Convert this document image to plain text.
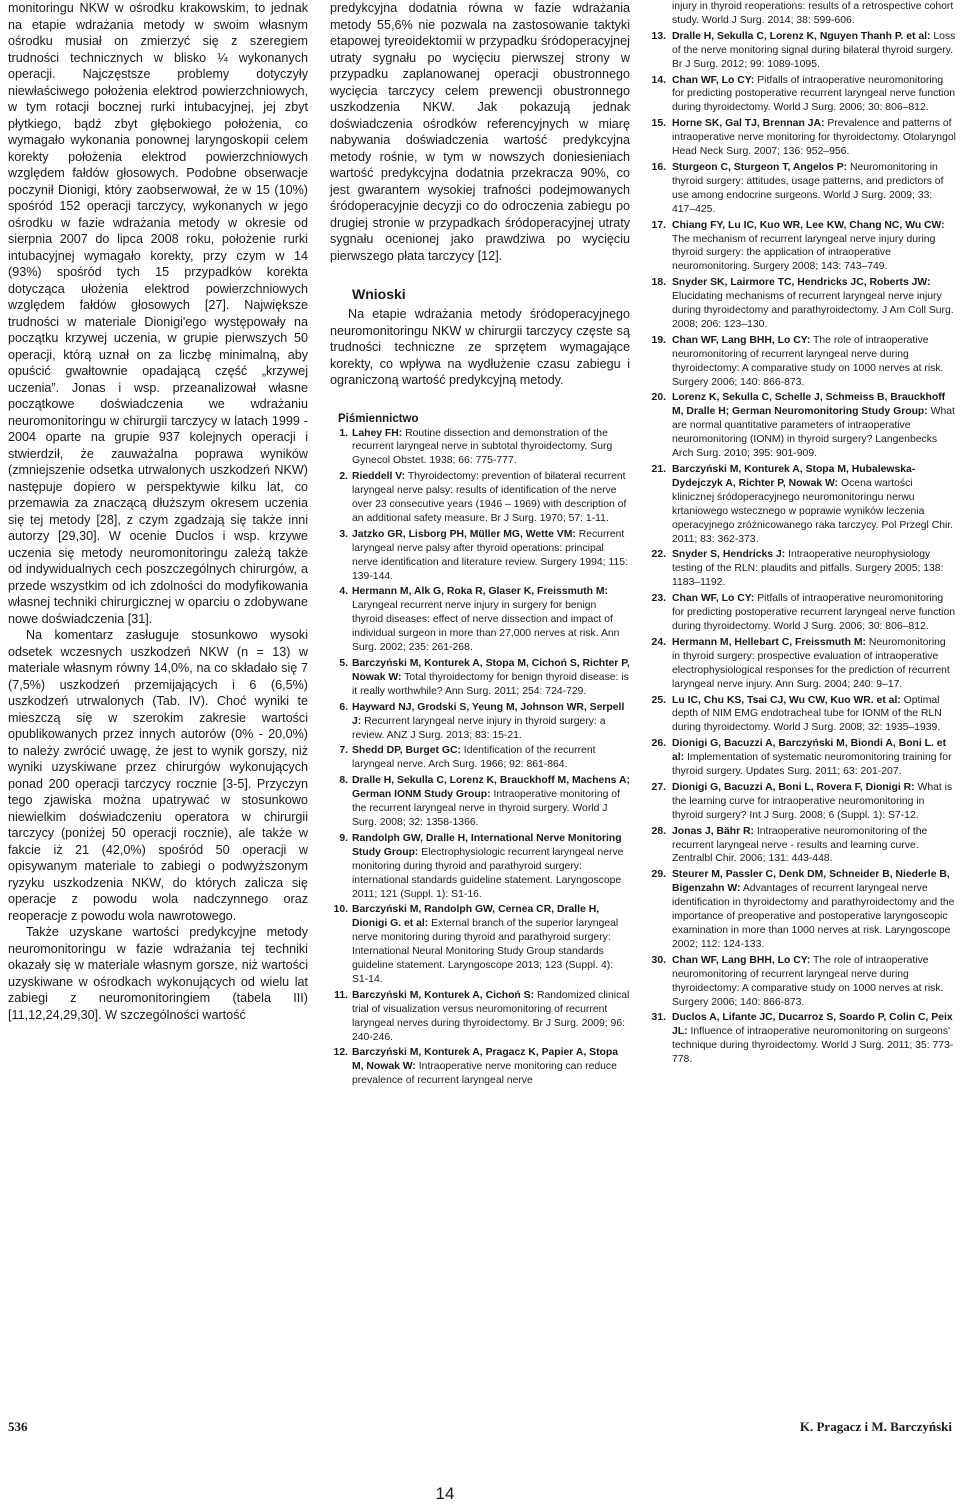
monitoringu NKW w ośrodku krakowskim, to jednak na etapie wdrażania metody w swoim własnym ośrodku musiał on zmierzyć się z szeregiem trudności technicznych w blisko ¼ wykonanych operacji. Najczęstsze problemy dotyczyły niewłaściwego położenia elektrod powierzchniowych, w tym rotacji bocznej rurki intubacyjnej, jej zbyt płytkiego, bądź zbyt głębokiego położenia, co wymagało wykonania ponownej laryngoskopii celem korekty położenia elektrod powierzchniowych względem fałdów głosowych. Podobne obserwacje poczynił Dionigi, który zaobserwował, że w 15 (10%) spośród 152 operacji tarczycy, wykonanych w jego ośrodku w fazie wdrażania metody w okresie od sierpnia 2007 do lipca 2008 roku, położenie rurki intubacyjnej wymagało korekty, przy czym w 14 (93%) spośród tych 15 przypadków korekta dotycząca ułożenia elektrod powierzchniowych względem fałdów głosowych [27]. Największe trudności w materiale Dionigi'ego występowały na początku krzywej uczenia, w grupie pierwszych 50 operacji, którą uznał on za liczbę minimalną, aby opuścić gwałtownie opadającą część „krzywej uczenia”. Jonas i wsp. przeanalizował własne początkowe doświadczenia we wdrażaniu neuromonitoringu w chirurgii tarczycy w latach 1999 - 2004 oparte na grupie 937 kolejnych operacji i stwierdził, że zauważalna poprawa wyników (zmniejszenie odsetka utrwalonych uszkodzeń NKW) następuje dopiero w perspektywie kilku lat, co przemawia za znaczącą dłuższym okresem uczenia się tej metody [28], z czym zgadzają się także inni autorzy [29,30]. W ocenie Duclos i wsp. krzywe uczenia się metody neuromonitoringu zależą także od indywidualnych cech poszczególnych chirurgów, a przede wszystkim od ich zdolności do modyfikowania własnej techniki chirurgicznej w oparciu o zdobywane nowe doświadczenia [31].

Na komentarz zasługuje stosunkowo wysoki odsetek wczesnych uszkodzeń NKW (n = 13) w materiale własnym równy 14,0%, na co składało się 7 (7,5%) uszkodzeń przemijających i 6 (6,5%) uszkodzeń utrwalonych (Tab. IV). Choć wyniki te mieszczą się w szerokim zakresie wartości opublikowanych przez innych autorów (0% - 20,0%) to należy zwrócić uwagę, że jest to wynik gorszy, niż wyniki uzyskiwane przez chirurgów wykonujących ponad 200 operacji tarczycy rocznie [3-5]. Przyczyn tego zjawiska można upatrywać w stosunkowo niewielkim doświadczeniu operatora w chirurgii tarczycy (poniżej 50 operacji rocznie), ale także w fakcie iż 21 (42,0%) spośród 50 operacji w opisywanym materiale to zabiegi o podwyższonym ryzyku uszkodzenia NKW, do których zalicza się operacje z powodu wola nadczynnego oraz reoperacje z powodu wola nawrotowego.

Także uzyskane wartości predykcyjne metody neuromonitoringu w fazie wdrażania tej techniki okazały się w materiale własnym gorsze, niż wartości uzyskiwane w ośrodkach wykonujących od wielu lat zabiegi z neuromonitoringiem (tabela III) [11,12,24,29,30]. W szczególności wartość

predykcyjna dodatnia równa w fazie wdrażania metody 55,6% nie pozwala na zastosowanie taktyki etapowej tyreoidektomii w przypadku śródoperacyjnej utraty sygnału po wycięciu pierwszej strony w przypadku zaplanowanej operacji obustronnego wycięcia tarczycy celem prewencji obustronnego uszkodzenia NKW. Jak pokazują jednak doświadczenia ośrodków referencyjnych w miarę nabywania doświadczenia wartość predykcyjna metody rośnie, w tym w nowszych doniesieniach wartość predykcyjna dodatnia przekracza 90%, co jest gwarantem wysokiej trafności podejmowanych śródoperacyjnie decyzji co do odroczenia zabiegu po drugiej stronie w przypadkach śródoperacyjnej utraty sygnału ocenionej jako prawdziwa po wycięciu pierwszego płata tarczycy [12].

Wnioski

Na etapie wdrażania metody śródoperacyjnego neuromonitoringu NKW w chirurgii tarczycy częste są trudności techniczne ze sprzętem wymagające korekty, co wpływa na wydłużenie czasu zabiegu i ograniczoną wartość predykcyjną metody.

Piśmiennictwo
1. Lahey FH: Routine dissection and demonstration of the recurrent laryngeal nerve in subtotal thyroidectomy. Surg Gynecol Obstet. 1938; 66: 775-777.
2. Rieddell V: Thyroidectomy: prevention of bilateral recurrent laryngeal nerve palsy: results of identification of the nerve over 23 consecutive years (1946 – 1969) with description of an additional safety measure. Br J Surg. 1970; 57: 1-11.
3. Jatzko GR, Lisborg PH, Müller MG, Wette VM: Recurrent laryngeal nerve palsy after thyroid operations: principal nerve identification and literature review. Surgery 1994; 115: 139-144.
4. Hermann M, Alk G, Roka R, Glaser K, Freissmuth M: Laryngeal recurrent nerve injury in surgery for benign thyroid diseases: effect of nerve dissection and impact of individual surgeon in more than 27,000 nerves at risk. Ann Surg. 2002; 235: 261-268.
5. Barczyński M, Konturek A, Stopa M, Cichoń S, Richter P, Nowak W: Total thyroidectomy for benign thyroid disease: is it really worthwhile? Ann Surg. 2011; 254: 724-729.
6. Hayward NJ, Grodski S, Yeung M, Johnson WR, Serpell J: Recurrent laryngeal nerve injury in thyroid surgery: a review. ANZ J Surg. 2013; 83: 15-21.
7. Shedd DP, Burget GC: Identification of the recurrent laryngeal nerve. Arch Surg. 1966; 92: 861-864.
8. Dralle H, Sekulla C, Lorenz K, Brauckhoff M, Machens A; German IONM Study Group: Intraoperative monitoring of the recurrent laryngeal nerve in thyroid surgery. World J Surg. 2008; 32: 1358-1366.
9. Randolph GW, Dralle H, International Nerve Monitoring Study Group: Electrophysiologic recurrent laryngeal nerve monitoring during thyroid and parathyroid surgery: international standards guideline statement. Laryngoscope 2011; 121 (Suppl. 1): S1-16.
10. Barczyński M, Randolph GW, Cernea CR, Dralle H, Dionigi G. et al: External branch of the superior laryngeal nerve monitoring during thyroid and parathyroid surgery: International Neural Monitoring Study Group standards guideline statement. Laryngoscope 2013; 123 (Suppl. 4): S1-14.
11. Barczyński M, Konturek A, Cichoń S: Randomized clinical trial of visualization versus neuromonitoring of recurrent laryngeal nerves during thyroidectomy. Br J Surg. 2009; 96: 240-246.
12. Barczyński M, Konturek A, Pragacz K, Papier A, Stopa M, Nowak W: Intraoperative nerve monitoring can reduce prevalence of recurrent laryngeal nerve
injury in thyroid reoperations: results of a retrospective cohort study. World J Surg. 2014; 38: 599-606.
13. Dralle H, Sekulla C, Lorenz K, Nguyen Thanh P. et al: Loss of the nerve monitoring signal during bilateral thyroid surgery. Br J Surg. 2012; 99: 1089-1095.
14. Chan WF, Lo CY: Pitfalls of intraoperative neuromonitoring for predicting postoperative recurrent laryngeal nerve function during thyroidectomy. World J Surg. 2006; 30: 806–812.
15. Horne SK, Gal TJ, Brennan JA: Prevalence and patterns of intraoperative nerve monitoring for thyroidectomy. Otolaryngol Head Neck Surg. 2007; 136: 952–956.
16. Sturgeon C, Sturgeon T, Angelos P: Neuromonitoring in thyroid surgery: attitudes, usage patterns, and predictors of use among endocrine surgeons. World J Surg. 2009; 33: 417–425.
17. Chiang FY, Lu IC, Kuo WR, Lee KW, Chang NC, Wu CW: The mechanism of recurrent laryngeal nerve injury during thyroid surgery: the application of intraoperative neuromonitoring. Surgery 2008; 143: 743–749.
18. Snyder SK, Lairmore TC, Hendricks JC, Roberts JW: Elucidating mechanisms of recurrent laryngeal nerve injury during thyroidectomy and parathyroidectomy. J Am Coll Surg. 2008; 206: 123–130.
19. Chan WF, Lang BHH, Lo CY: The role of intraoperative neuromonitoring of recurrent laryngeal nerve during thyroidectomy: A comparative study on 1000 nerves at risk. Surgery 2006; 140: 866-873.
20. Lorenz K, Sekulla C, Schelle J, Schmeiss B, Brauckhoff M, Dralle H; German Neuromonitoring Study Group: What are normal quantitative parameters of intraoperative neuromonitoring (IONM) in thyroid surgery? Langenbecks Arch Surg. 2010; 395: 901-909.
21. Barczyński M, Konturek A, Stopa M, Hubalewska-Dydejczyk A, Richter P, Nowak W: Ocena wartości klinicznej śródoperacyjnego neuromonitoringu nerwu krtaniowego wstecznego w poprawie wyników leczenia operacyjnego zróżnicowanego raka tarczycy. Pol Przegl Chir. 2011; 83: 362-373.
22. Snyder S, Hendricks J: Intraoperative neurophysiology testing of the RLN: plaudits and pitfalls. Surgery 2005; 138: 1183–1192.
23. Chan WF, Lo CY: Pitfalls of intraoperative neuromonitoring for predicting postoperative recurrent laryngeal nerve function during thyroidectomy. World J Surg. 2006; 30: 806–812.
24. Hermann M, Hellebart C, Freissmuth M: Neuromonitoring in thyroid surgery: prospective evaluation of intraoperative electrophysiological responses for the prediction of recurrent laryngeal nerve injury. Ann Surg. 2004; 240: 9–17.
25. Lu IC, Chu KS, Tsai CJ, Wu CW, Kuo WR. et al: Optimal depth of NIM EMG endotracheal tube for IONM of the RLN during thyroidectomy. World J Surg. 2008; 32: 1935–1939.
26. Dionigi G, Bacuzzi A, Barczyński M, Biondi A, Boni L. et al: Implementation of systematic neuromonitoring training for thyroid surgery. Updates Surg. 2011; 63: 201-207.
27. Dionigi G, Bacuzzi A, Boni L, Rovera F, Dionigi R: What is the learning curve for intraoperative neuromonitoring in thyroid surgery? Int J Surg. 2008; 6 (Suppl. 1): S7-12.
28. Jonas J, Bähr R: Intraoperative neuromonitoring of the recurrent laryngeal nerve - results and learning curve. Zentralbl Chir. 2006; 131: 443-448.
29. Steurer M, Passler C, Denk DM, Schneider B, Niederle B, Bigenzahn W: Advantages of recurrent laryngeal nerve identification in thyroidectomy and parathyroidectomy and the importance of preoperative and postoperative laryngoscopic examination in more than 1000 nerves at risk. Laryngoscope 2002; 112: 124-133.
30. Chan WF, Lang BHH, Lo CY: The role of intraoperative neuromonitoring of recurrent laryngeal nerve during thyroidectomy: A comparative study on 1000 nerves at risk. Surgery 2006; 140: 866-873.
31. Duclos A, Lifante JC, Ducarroz S, Soardo P, Colin C, Peix JL: Influence of intraoperative neuromonitoring on surgeons' technique during thyroidectomy. World J Surg. 2011; 35: 773-778.
536	K. Pragacz i M. Barczyński
14
